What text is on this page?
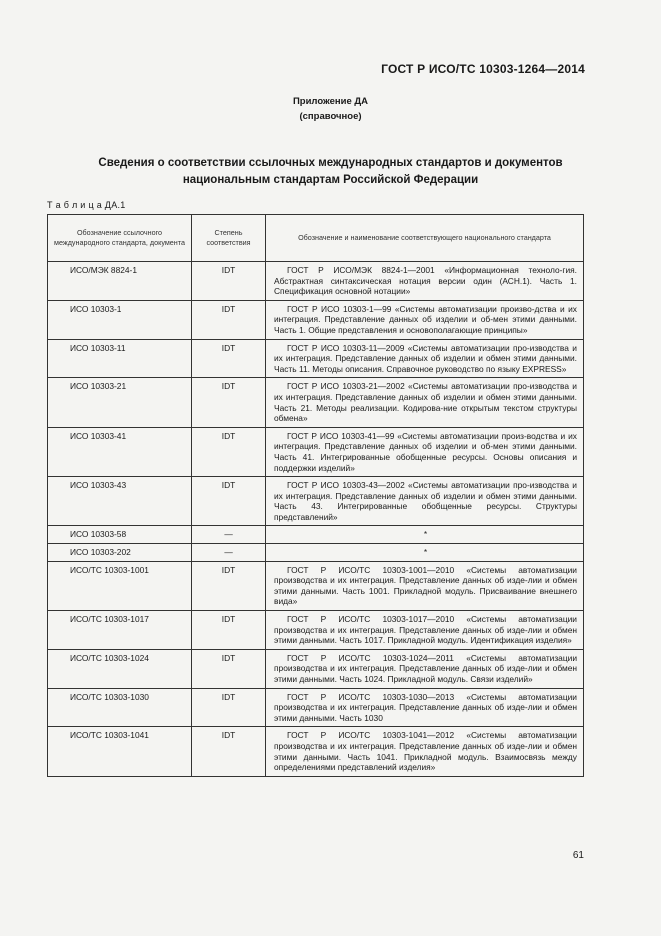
ГОСТ Р ИСО/ТС 10303-1264—2014
Приложение ДА
(справочное)
Сведения о соответствии ссылочных международных стандартов и документов
национальным стандартам Российской Федерации
Т а б л и ц а ДА.1
Обозначение ссылочного международного стандарта, документа	Степень соответствия	Обозначение и наименование соответствующего национального стандарта
ИСО/МЭК 8824-1	IDT	ГОСТ Р ИСО/МЭК 8824-1—2001 «Информационная техноло-гия. Абстрактная синтаксическая нотация версии один (АСН.1). Часть 1. Спецификация основной нотации»
ИСО 10303-1	IDT	ГОСТ Р ИСО 10303-1—99 «Системы автоматизации произво-дства и их интеграция. Представление данных об изделии и об-мен этими данными. Часть 1. Общие представления и основополагающие принципы»
ИСО 10303-11	IDT	ГОСТ Р ИСО 10303-11—2009 «Системы автоматизации про-изводства и их интеграция. Представление данных об изделии и обмен этими данными. Часть 11. Методы описания. Справочное руководство по языку EXPRESS»
ИСО 10303-21	IDT	ГОСТ Р ИСО 10303-21—2002 «Системы автоматизации про-изводства и их интеграция. Представление данных об изделии и обмен этими данными. Часть 21. Методы реализации. Кодирова-ние открытым текстом структуры обмена»
ИСО 10303-41	IDT	ГОСТ Р ИСО 10303-41—99 «Системы автоматизации произ-водства и их интеграция. Представление данных об изделии и об-мен этими данными. Часть 41. Интегрированные обобщенные ресурсы. Основы описания и поддержки изделий»
ИСО 10303-43	IDT	ГОСТ Р ИСО 10303-43—2002 «Системы автоматизации про-изводства и их интеграция. Представление данных об изделии и обмен этими данными. Часть 43. Интегрированные обобщенные ресурсы. Структуры представлений»
ИСО 10303-58	—	*
ИСО 10303-202	—	*
ИСО/ТС 10303-1001	IDT	ГОСТ Р ИСО/ТС 10303-1001—2010 «Системы автоматизации производства и их интеграция. Представление данных об изде-лии и обмен этими данными. Часть 1001. Прикладной модуль. Присваивание внешнего вида»
ИСО/ТС 10303-1017	IDT	ГОСТ Р ИСО/ТС 10303-1017—2010 «Системы автоматизации производства и их интеграция. Представление данных об изде-лии и обмен этими данными. Часть 1017. Прикладной модуль. Идентификация изделия»
ИСО/ТС 10303-1024	IDT	ГОСТ Р ИСО/ТС 10303-1024—2011 «Системы автоматизации производства и их интеграция. Представление данных об изде-лии и обмен этими данными. Часть 1024. Прикладной модуль. Связи изделий»
ИСО/ТС 10303-1030	IDT	ГОСТ Р ИСО/ТС 10303-1030—2013 «Системы автоматизации производства и их интеграция. Представление данных об изде-лии и обмен этими данными. Часть 1030
ИСО/ТС 10303-1041	IDT	ГОСТ Р ИСО/ТС 10303-1041—2012 «Системы автоматизации производства и их интеграция. Представление данных об изде-лии и обмен этими данными. Часть 1041. Прикладной модуль. Взаимосвязь между определениями представлений изделия»
61
